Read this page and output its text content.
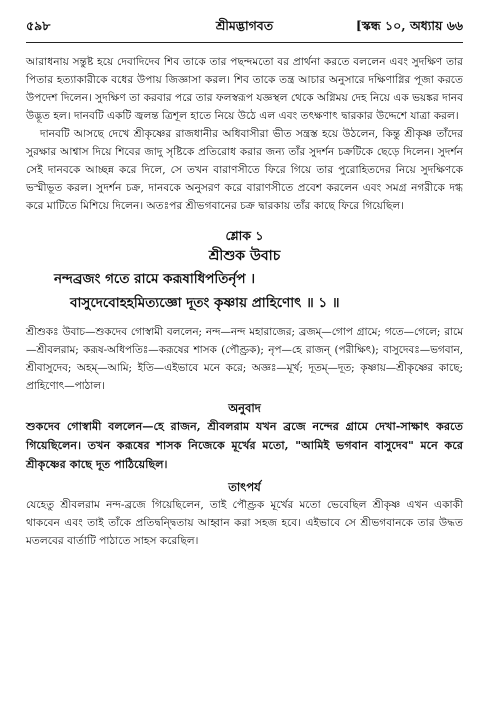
৫৯৮	শ্রীমদ্ভাগবত	[স্কন্ধ ১০, অধ্যায় ৬৬

আরাধনায় সন্তুষ্ট হয়ে দেবাদিদেব শিব তাকে তার পছন্দমতো বর প্রার্থনা করতে বললেন এবং সুদক্ষিণ তার পিতার হত্যাকারীকে বধের উপায় জিজ্ঞাসা করল। শিব তাকে তন্ত্র আচার অনুসারে দক্ষিণাগ্নির পূজা করতে উপদেশ দিলেন। সুদক্ষিণ তা করবার পরে তার ফলস্বরূপ যজ্ঞস্থল থেকে অগ্নিময় দেহ নিয়ে এক ভয়ঙ্কর দানব উদ্ভূত হল। দানবটি একটি জ্বলন্ত ত্রিশূল হাতে নিয়ে উঠে এল এবং তৎক্ষণাৎ দ্বারকার উদ্দেশে যাত্রা করল।

দানবটি আসছে দেখে শ্রীকৃষ্ণের রাজধানীর অধিবাসীরা ভীত সন্ত্রস্ত হয়ে উঠলেন, কিন্তু শ্রীকৃষ্ণ তাঁদের সুরক্ষার আশ্বাস দিয়ে শিবের জাদু সৃষ্টিকে প্রতিরোধ করার জন্য তাঁর সুদর্শন চক্রটিকে ছেড়ে দিলেন। সুদর্শন সেই দানবকে আচ্ছন্ন করে দিলে, সে তখন বারাণসীতে ফিরে গিয়ে তার পুরোহিতদের নিয়ে সুদক্ষিণকে ভস্মীভূত করল। সুদর্শন চক্র, দানবকে অনুসরণ করে বারাণসীতে প্রবেশ করলেন এবং সমগ্র নগরীকে দগ্ধ করে মাটিতে মিশিয়ে দিলেন। অতঃপর শ্রীভগবানের চক্র দ্বারকায় তাঁর কাছে ফিরে গিয়েছিল।

শ্লোক ১
শ্রীশুক উবাচ
নন্দব্রজং গতে রামে করূষাধিপতির্নৃপ ।
বাসুদেবোহহমিত্যজ্ঞো দূতং কৃষ্ণায় প্রাহিণোৎ ॥ ১ ॥

শ্রীশুকঃ উবাচ—শুকদেব গোস্বামী বললেন; নন্দ—নন্দ মহারাজের; ব্রজম্—গোপ গ্রামে; গতে—গেলে; রামে—শ্রীবলরাম; করূষ-অধিপতিঃ—করূষের শাসক (পৌণ্ড্রক); নৃপ—হে রাজন্ (পরীক্ষিৎ); বাসুদেবঃ—ভগবান, শ্রীবাসুদেব; অহম্—আমি; ইতি—এইভাবে মনে করে; অজ্ঞঃ—মূর্খ; দূতম্—দূত; কৃষ্ণায়—শ্রীকৃষ্ণের কাছে; প্রাহিণোৎ—পাঠাল।

অনুবাদ

শুকদেব গোস্বামী বললেন—হে রাজন, শ্রীবলরাম যখন ব্রজে নন্দের গ্রামে দেখা-সাক্ষাৎ করতে গিয়েছিলেন। তখন করূষের শাসক নিজেকে মূর্খের মতো, "আমিই ভগবান বাসুদেব" মনে করে শ্রীকৃষ্ণের কাছে দূত পাঠিয়েছিল।

তাৎপর্য

যেহেতু শ্রীবলরাম নন্দ-ব্রজে গিয়েছিলেন, তাই পৌণ্ড্রক মূর্খের মতো ভেবেছিল শ্রীকৃষ্ণ এখন একাকী থাকবেন এবং তাই তাঁকে প্রতিদ্বন্দ্বিতায় আহ্বান করা সহজ হবে। এইভাবে সে শ্রীভগবানকে তার উদ্ধত মতলবের বার্তাটি পাঠাতে সাহস করেছিল।
